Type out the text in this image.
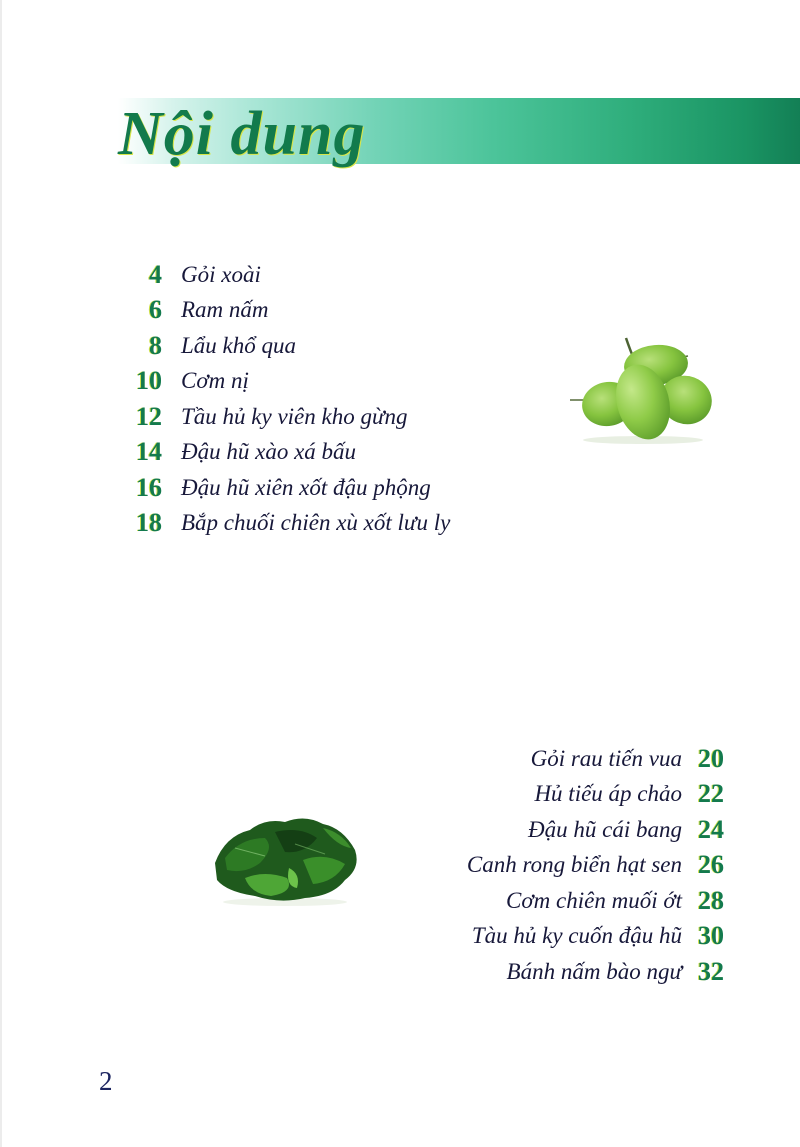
Nội dung
4 Gỏi xoài
6 Ram nấm
8 Lẩu khổ qua
10 Cơm nị
12 Tầu hủ ky viên kho gừng
14 Đậu hũ xào xá bấu
16 Đậu hũ xiên xốt đậu phộng
18 Bắp chuối chiên xù xốt lưu ly
Gỏi rau tiến vua 20
Hủ tiếu áp chảo 22
Đậu hũ cái bang 24
Canh rong biển hạt sen 26
Cơm chiên muối ớt 28
Tàu hủ ky cuốn đậu hũ 30
Bánh nấm bào ngư 32
2
